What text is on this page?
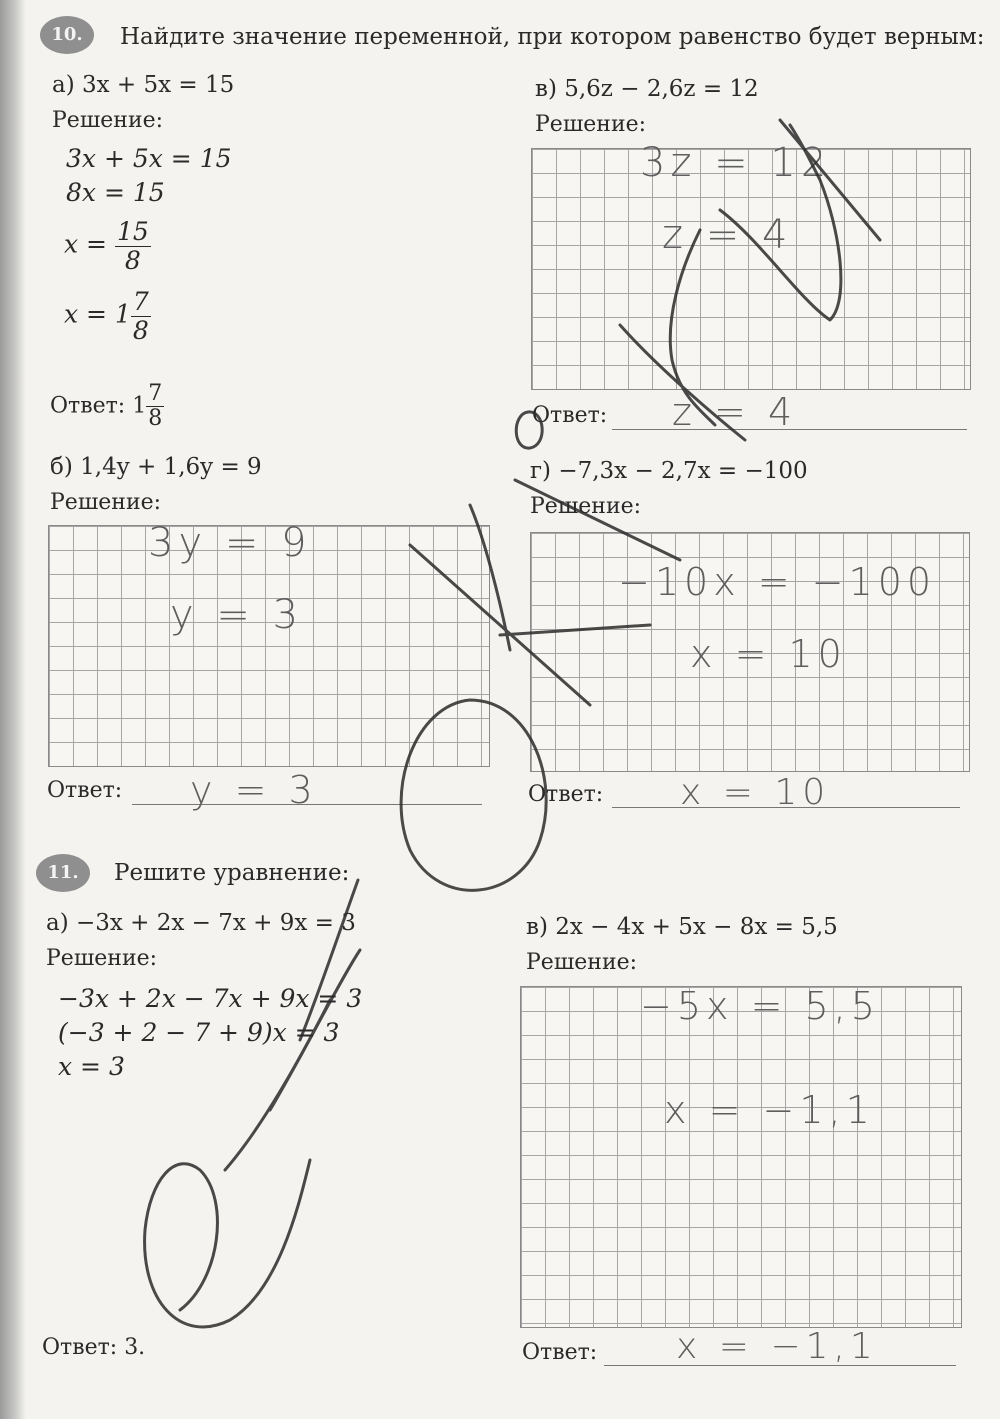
10.	Найдите значение переменной, при котором равенство будет верным:
а) 3x + 5x = 15
Решение:
3x + 5x = 15
8x = 15
$x = \frac{15}{8}$
$x = 1 \frac{7}{8}$
Ответ: $1 \frac{7}{8}$
в) 5,6z − 2,6z = 12
Решение:
3z = 12
z = 4
Ответ: z = 4
б) 1,4y + 1,6y = 9
Решение:
3y = 9
y = 3
Ответ: y = 3
г) −7,3x − 2,7x = −100
Решение:
−10x = −100
x = 10
Ответ: x = 10
11.	Решите уравнение:
а) −3x + 2x − 7x + 9x = 3
Решение:
−3x + 2x − 7x + 9x = 3
(−3 + 2 − 7 + 9)x = 3
x = 3
Ответ: 3.
в) 2x − 4x + 5x − 8x = 5,5
Решение:
−5x = 5,5
x = −1,1
Ответ: x = −1,1
